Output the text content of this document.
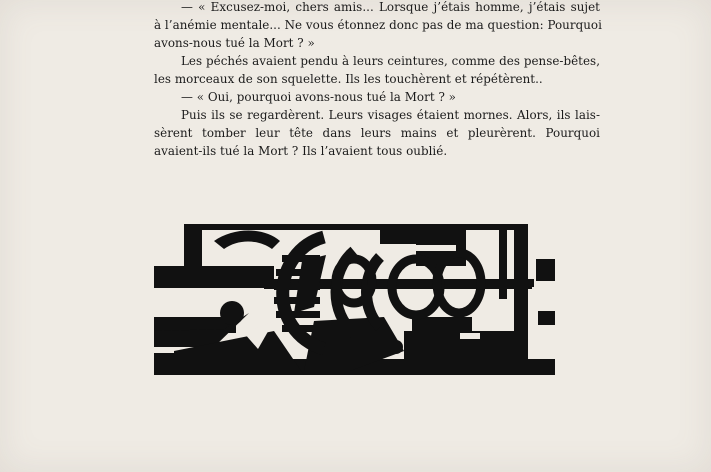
— « Excusez-moi, chers amis... Lorsque j’étais homme, j’étais sujet
à l’anémie mentale... Ne vous étonnez donc pas de ma question: Pourquoi
avons-nous tué la Mort ? »

Les péchés avaient pendu à leurs ceintures, comme des pense-bêtes,
les morceaux de son squelette. Ils les touchèrent et répétèrent..

— « Oui, pourquoi avons-nous tué la Mort ? »

Puis ils se regardèrent. Leurs visages étaient mornes. Alors, ils lais-
sèrent tomber leur tête dans leurs mains et pleurèrent. Pourquoi
avaient-ils tué la Mort ? Ils l’avaient tous oublié.
